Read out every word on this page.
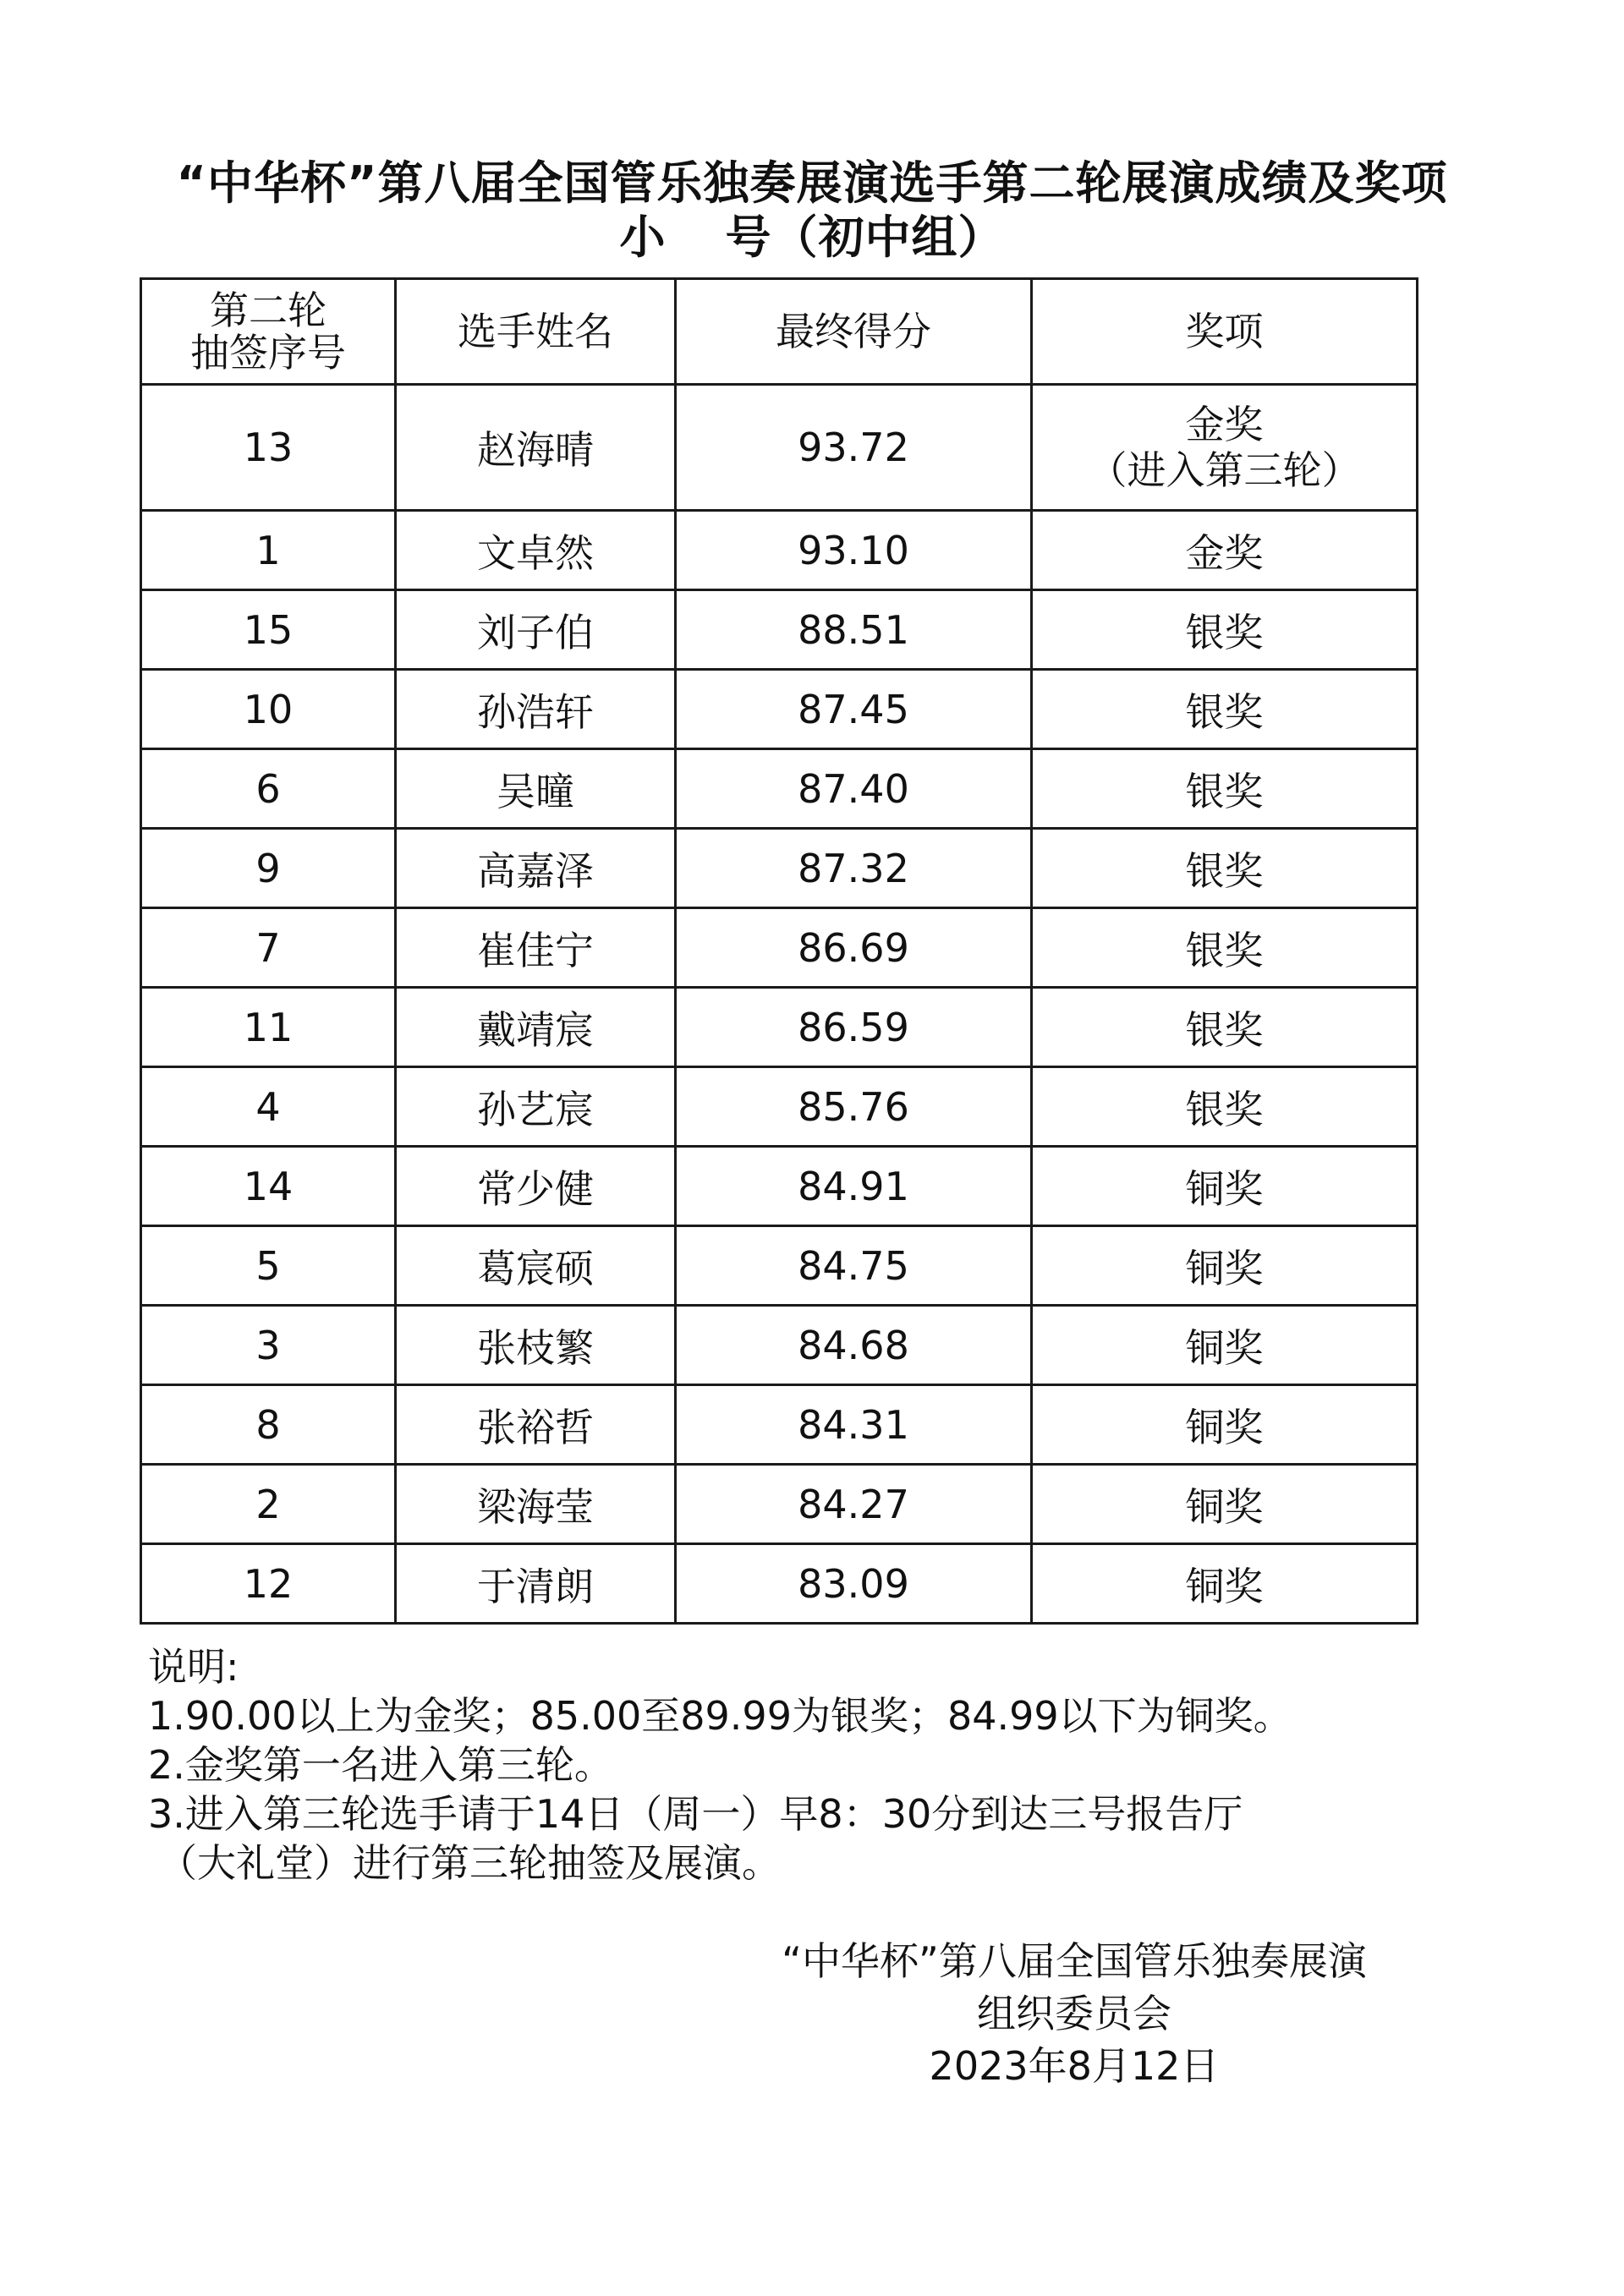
“中华杯”第八届全国管乐独奏展演选手第二轮展演成绩及奖项
小 号（初中组）
第二轮
抽签序号	选手姓名	最终得分	奖项
13	赵海晴	93.72	金奖
（进入第三轮）

1	文卓然	93.10	金奖
15	刘子伯	88.51	银奖
10	孙浩轩	87.45	银奖
6	吴曈	87.40	银奖
9	高嘉泽	87.32	银奖
7	崔佳宁	86.69	银奖
11	戴靖宸	86.59	银奖
4	孙艺宸	85.76	银奖
14	常少健	84.91	铜奖
5	葛宸硕	84.75	铜奖
3	张枝繁	84.68	铜奖
8	张裕哲	84.31	铜奖
2	梁海莹	84.27	铜奖
12	于清朗	83.09	铜奖
说明:
1.90.00以上为金奖；85.00至89.99为银奖；84.99以下为铜奖。
2.金奖第一名进入第三轮。
3.进入第三轮选手请于14日（周一）早8：30分到达三号报告厅
（大礼堂）进行第三轮抽签及展演。
“中华杯”第八届全国管乐独奏展演
组织委员会
2023年8月12日
